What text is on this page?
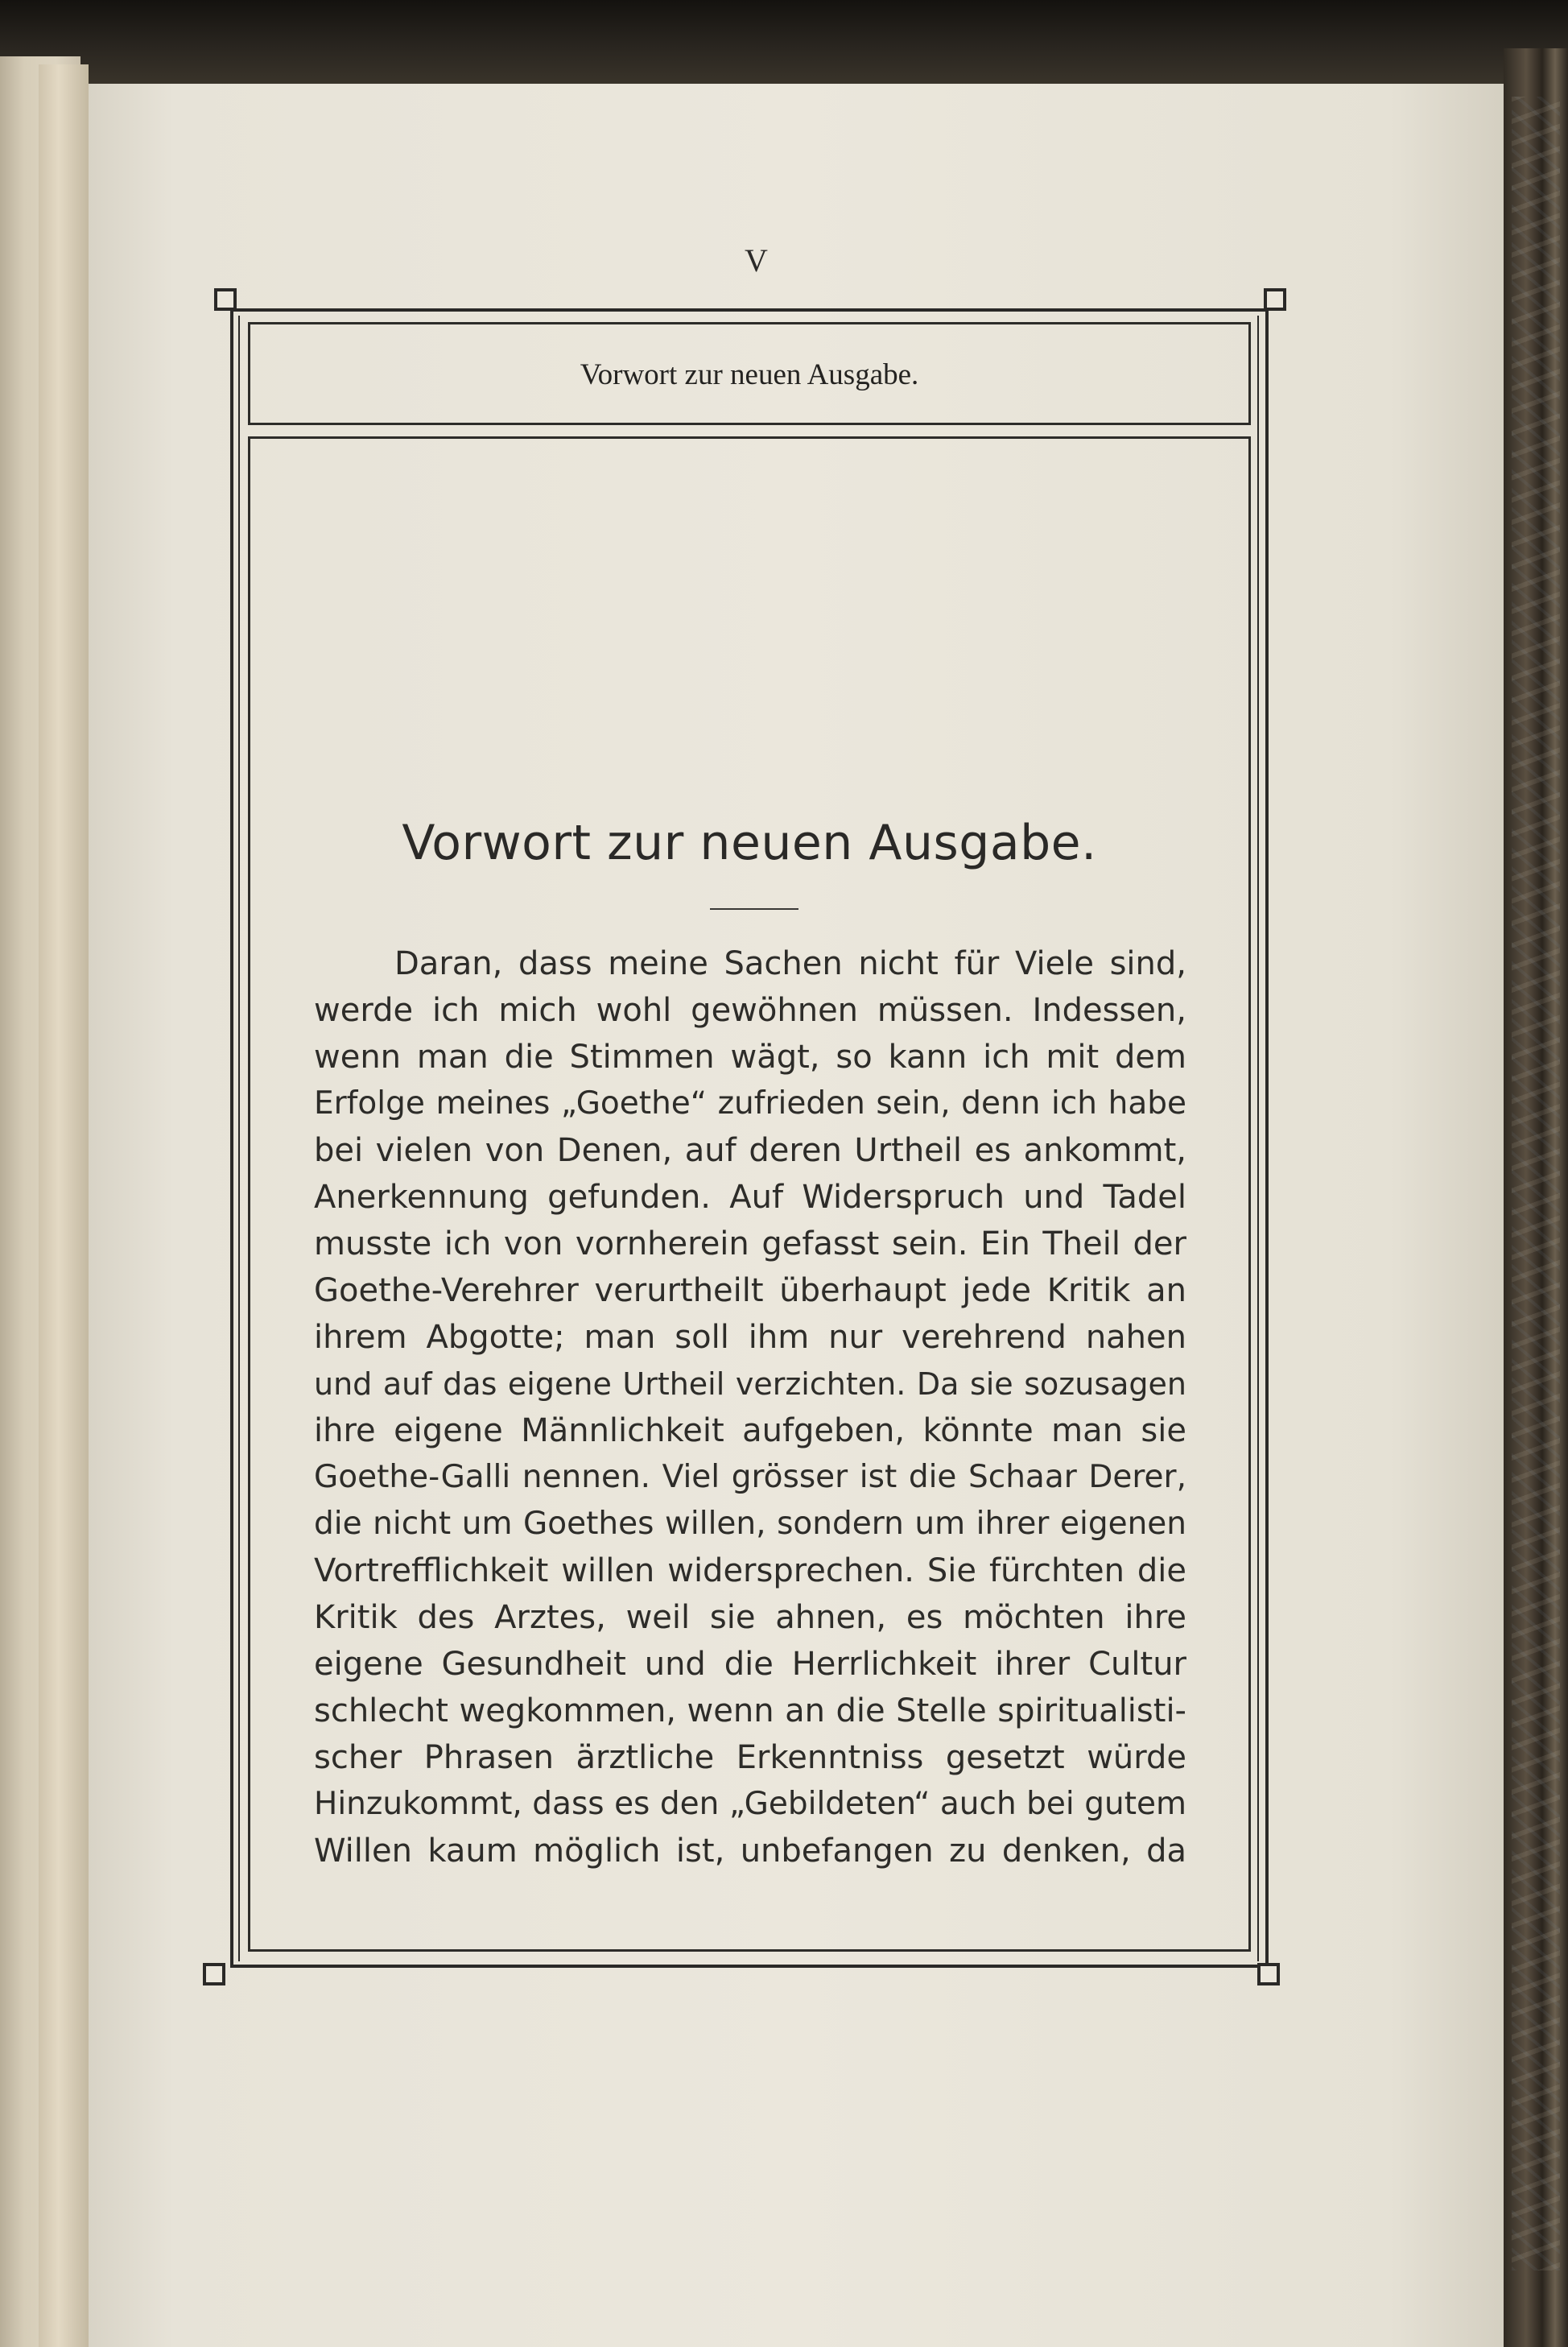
V
Vorwort zur neuen Ausgabe.
Vorwort zur neuen Ausgabe.
Daran, dass meine Sachen nicht für Viele sind,
werde ich mich wohl gewöhnen müssen. Indessen,
wenn man die Stimmen wägt, so kann ich mit dem
Erfolge meines „Goethe“ zufrieden sein, denn ich habe
bei vielen von Denen, auf deren Urtheil es ankommt,
Anerkennung gefunden. Auf Widerspruch und Tadel
musste ich von vornherein gefasst sein. Ein Theil der
Goethe-Verehrer verurtheilt überhaupt jede Kritik an
ihrem Abgotte; man soll ihm nur verehrend nahen
und auf das eigene Urtheil verzichten. Da sie sozusagen
ihre eigene Männlichkeit aufgeben, könnte man sie
Goethe-Galli nennen. Viel grösser ist die Schaar Derer,
die nicht um Goethes willen, sondern um ihrer eigenen
Vortrefflichkeit willen widersprechen. Sie fürchten die
Kritik des Arztes, weil sie ahnen, es möchten ihre
eigene Gesundheit und die Herrlichkeit ihrer Cultur
schlecht wegkommen, wenn an die Stelle spiritualisti-
scher Phrasen ärztliche Erkenntniss gesetzt würde
Hinzukommt, dass es den „Gebildeten“ auch bei gutem
Willen kaum möglich ist, unbefangen zu denken, da
